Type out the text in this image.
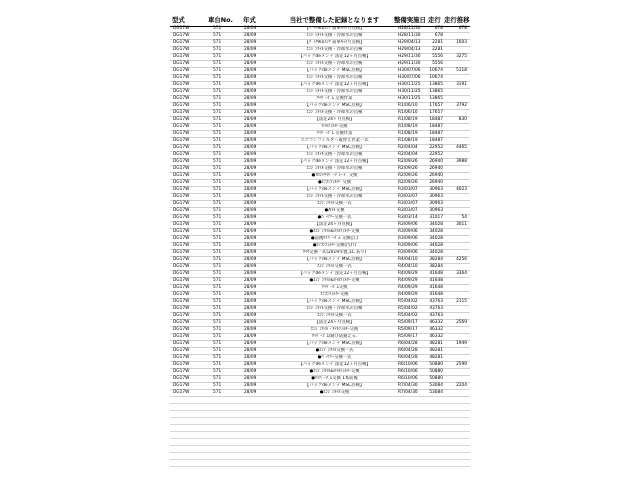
型式	車台No. 年式	当社で整備した記録となります	整備実施日 走行 走行推移
DG17W	571	28/09	【ﾊﾞｯｸ9ｍﾒﾝﾃ 前車ｷｯﾁ月点検】	H28/11/30	678	678
DG17W	571	28/09	ｴﾝｼﾞﾝｵｲﾙ交換・冷却水の点検	H28/11/30	678
DG17W	571	28/09	【ﾊﾞｯｸ9ｍﾒﾝﾃ 前車ｷｯﾁ月点検】	H29/04/13	2281	1603
DG17W	571	28/09	ｴﾝｼﾞﾝｵｲﾙ交換・冷却水の点検	H29/04/13	2281
DG17W	571	28/09	【パックdeメンテ 法定12ヶ月点検】	H29/11/30	5556	3275
DG17W	571	28/09	ｴﾝｼﾞﾝｵｲﾙ交換・冷却水の点検	H29/11/30	5556
DG17W	571	28/09	【パックdeメンテ MSC点検】	H30/07/06	10674	5118
DG17W	571	28/09	ｴﾝｼﾞﾝｵｲﾙ交換・冷却水の点検	H30/07/06	10674
DG17W	571	28/09	【パックdeメンテ 法定12ヶ月点検】	H30/11/25	13865	3191
DG17W	571	28/09	ｴﾝｼﾞﾝｵｲﾙ交換・冷却水の点検	H30/11/25	13865
DG17W	571	28/09	ﾜｲﾊﾟｰｺﾞﾑ 交換作業	H30/11/25	13865
DG17W	571	28/09	【パックdeメンテ MSC点検】	R1/06/10	17657	3792
DG17W	571	28/09	ｴﾝｼﾞﾝｵｲﾙ交換・冷却水の点検	R1/06/10	17657
DG17W	571	28/09	【法定24ヶ月点検】	R1/08/19	18487	830
DG17W	571	28/09	ｵｲﾙﾌｨﾙﾀｰ交換	R1/08/19	18487
DG17W	571	28/09	ﾜｲﾊﾟｰｺﾞﾑ 交換作業	R1/08/19	18487
DG17W	571	28/09	エアコンフィルター取替え作業一式	R1/08/19	18487
DG17W	571	28/09	【パックdeメンテ MSC点検】	R2/04/04	22952	4465
DG17W	571	28/09	ｴﾝｼﾞﾝｵｲﾙ交換・冷却水の点検	R2/04/04	22952
DG17W	571	28/09	【パックdeメンテ 法定12ヶ月点検】	R2/09/26	26940	3988
DG17W	571	28/09	ｴﾝｼﾞﾝｵｲﾙ交換・冷却水の点検	R2/09/26	26940
DG17W	571	28/09	●ﾌﾛﾝﾄﾜｲﾊﾟｰﾌﾞﾚｰﾄﾞ 交換	R2/09/26	26940
DG17W	571	28/09	●ｴｱｺﾝﾌｨﾙﾀｰ 交換	R2/09/26	26940
DG17W	571	28/09	【パックdeメンテ MSC点検】	R3/03/07	30963	4023
DG17W	571	28/09	ｴﾝｼﾞﾝｵｲﾙ交換・冷却水の点検	R3/03/07	30963
DG17W	571	28/09	ｴﾝｼﾞﾝｵｲﾙ交換一式	R3/03/07	30963
DG17W	571	28/09	●ATF交換	R3/03/07	30963
DG17W	571	28/09	●ﾊﾞｯﾃﾘｰ交換一式	R3/03/14	31017	54
DG17W	571	28/09	【法定24ヶ月点検】	R3/09/06	34028	3011
DG17W	571	28/09	●ｴﾝｼﾞﾝｵｲﾙ&ｵｲﾙﾌｨﾙﾀｰ交換	R3/09/06	34028
DG17W	571	28/09	●前後ﾜｲﾊﾟｰｺﾞﾑ 交換(江)	R3/09/06	34028
DG17W	571	28/09	●ｴｱｺﾝﾌｨﾙﾀｰ交換(汚れ)	R3/09/06	34028
DG17W	571	28/09	ﾀｲﾔ交換一式(2019年製,1C あり)	R3/09/06	34028
DG17W	571	28/09	【パックdeメンテ MSC点検】	R4/04/10	38284	4256
DG17W	571	28/09	ｴﾝｼﾞﾝｵｲﾙ交換一式	R4/04/10	38284
DG17W	571	28/09	【パックdeメンテ 法定12ヶ月点検】	R4/09/29	41648	3364
DG17W	571	28/09	●ｴﾝｼﾞﾝｵｲﾙ&ｵｲﾙﾌｨﾙﾀｰ交換	R4/09/29	41648
DG17W	571	28/09	ﾜｲﾊﾟｰｺﾞﾑ交換	R4/09/29	41648
DG17W	571	28/09	ｴｱｺﾝﾌｨﾙﾀｰ交換	R4/09/29	41648
DG17W	571	28/09	【パックdeメンテ MSC点検】	R5/04/02	43763	2115
DG17W	571	28/09	ｴﾝｼﾞﾝｵｲﾙ交換・冷却水の点検	R5/04/02	43763
DG17W	571	28/09	ｴﾝｼﾞﾝｵｲﾙ交換一式	R5/04/02	43763
DG17W	571	28/09	【法定24ヶ月点検】	R5/09/17	46332	2569
DG17W	571	28/09	ｴﾝｼﾞﾝｵｲﾙ・ｵｲﾙﾌｨﾙﾀｰ交換	R5/09/17	46332
DG17W	571	28/09	ﾜｲﾊﾟｰｺﾞﾑ/錆び防錆える.	R5/09/17	46332
DG17W	571	28/09	【パックdeメンテ MSC点検】	R6/04/28	48281	1949
DG17W	571	28/09	●ｴﾝｼﾞﾝｵｲﾙ交換一式	R6/04/28	48281
DG17W	571	28/09	●ﾊﾞｯﾃﾘｰ交換一式	R6/04/28	48281
DG17W	571	28/09	【パックdeメンテ 法定12ヶ月点検】	R6/10/06	50880	2599
DG17W	571	28/09	●ｴﾝｼﾞﾝｵｲﾙ&ｵｲﾙﾌｨﾙﾀｰ交換	R6/10/06	50880
DG17W	571	28/09	●ﾜｲﾊﾟｰｺﾞﾑ交換 1本前後	R6/10/06	50880
DG17W	571	28/09	【パックdeメンテ MSC点検】	R7/04/30	53084	2204
DG17W	571	28/09	●ｴﾝｼﾞﾝｵｲﾙ交換	R7/04/30	53084
